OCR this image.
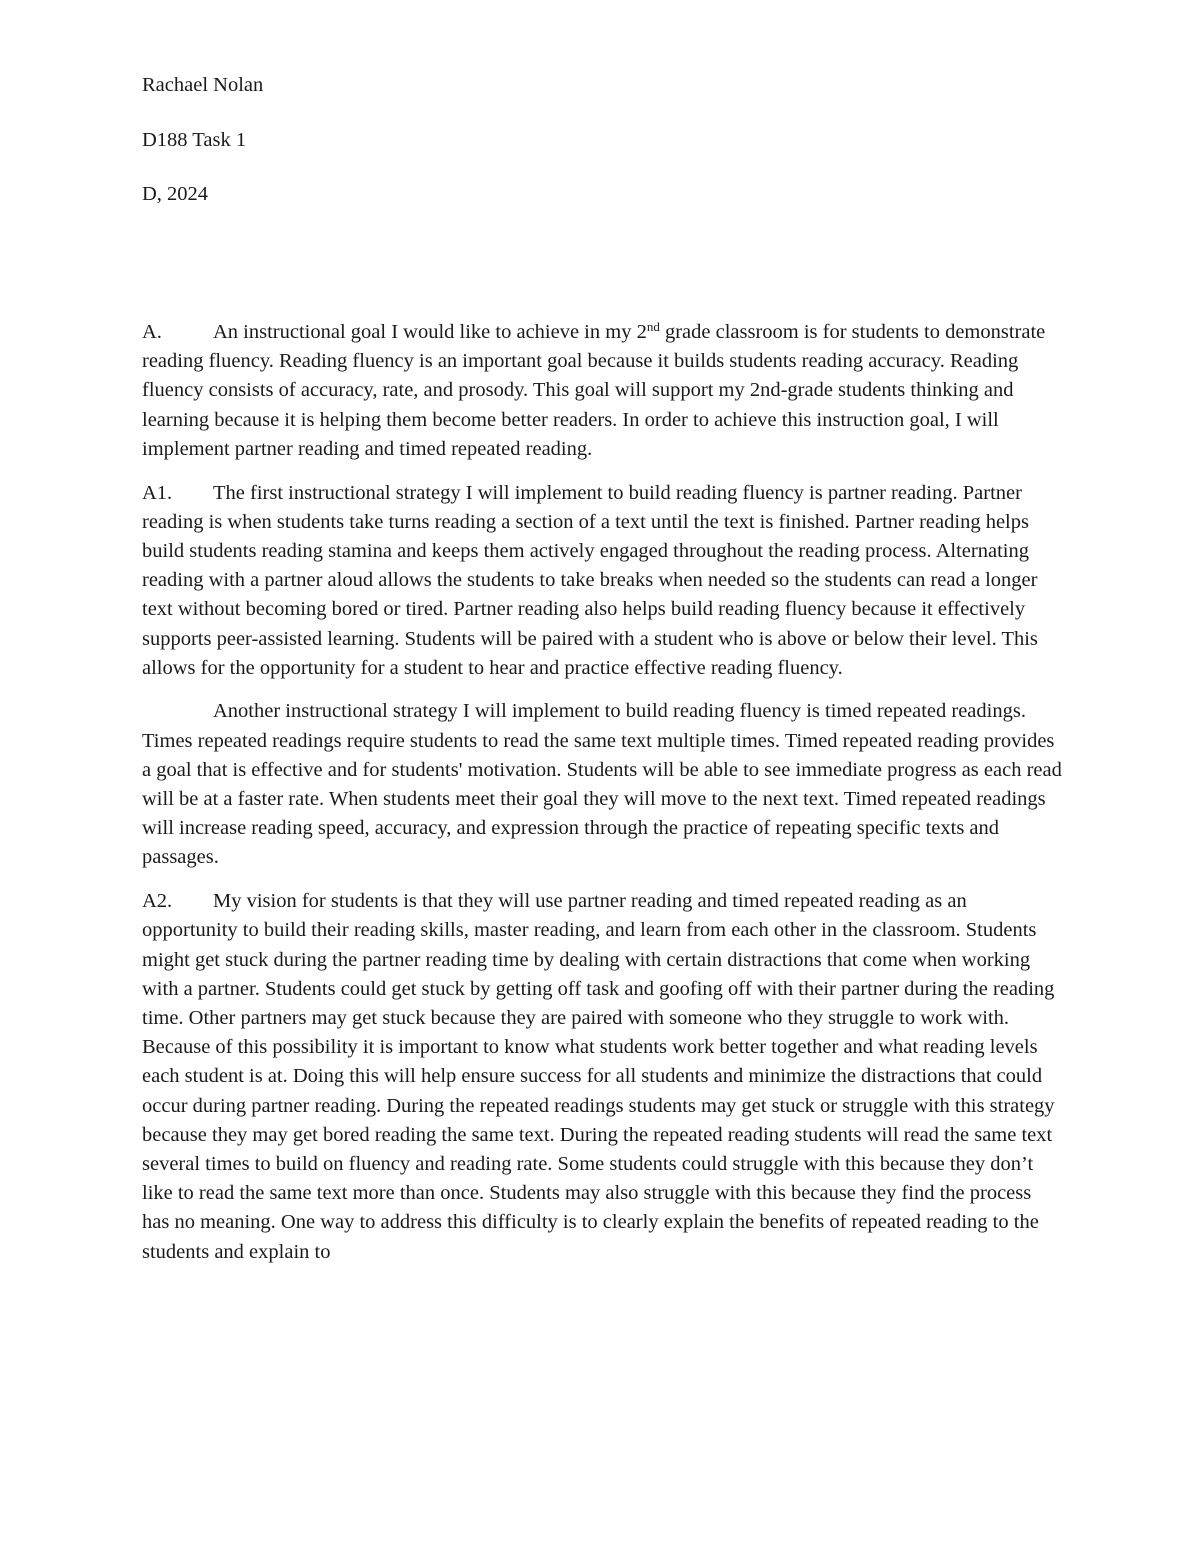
Rachael Nolan

D188 Task 1

D, 2024

A. An instructional goal I would like to achieve in my 2nd grade classroom is for students to demonstrate reading fluency. Reading fluency is an important goal because it builds students reading accuracy. Reading fluency consists of accuracy, rate, and prosody. This goal will support my 2nd-grade students thinking and learning because it is helping them become better readers. In order to achieve this instruction goal, I will implement partner reading and timed repeated reading.

A1. The first instructional strategy I will implement to build reading fluency is partner reading. Partner reading is when students take turns reading a section of a text until the text is finished. Partner reading helps build students reading stamina and keeps them actively engaged throughout the reading process. Alternating reading with a partner aloud allows the students to take breaks when needed so the students can read a longer text without becoming bored or tired. Partner reading also helps build reading fluency because it effectively supports peer-assisted learning. Students will be paired with a student who is above or below their level. This allows for the opportunity for a student to hear and practice effective reading fluency.

Another instructional strategy I will implement to build reading fluency is timed repeated readings. Times repeated readings require students to read the same text multiple times. Timed repeated reading provides a goal that is effective and for students' motivation. Students will be able to see immediate progress as each read will be at a faster rate. When students meet their goal they will move to the next text. Timed repeated readings will increase reading speed, accuracy, and expression through the practice of repeating specific texts and passages.

A2. My vision for students is that they will use partner reading and timed repeated reading as an opportunity to build their reading skills, master reading, and learn from each other in the classroom. Students might get stuck during the partner reading time by dealing with certain distractions that come when working with a partner. Students could get stuck by getting off task and goofing off with their partner during the reading time. Other partners may get stuck because they are paired with someone who they struggle to work with. Because of this possibility it is important to know what students work better together and what reading levels each student is at. Doing this will help ensure success for all students and minimize the distractions that could occur during partner reading. During the repeated readings students may get stuck or struggle with this strategy because they may get bored reading the same text. During the repeated reading students will read the same text several times to build on fluency and reading rate. Some students could struggle with this because they don’t like to read the same text more than once. Students may also struggle with this because they find the process has no meaning. One way to address this difficulty is to clearly explain the benefits of repeated reading to the students and explain to
